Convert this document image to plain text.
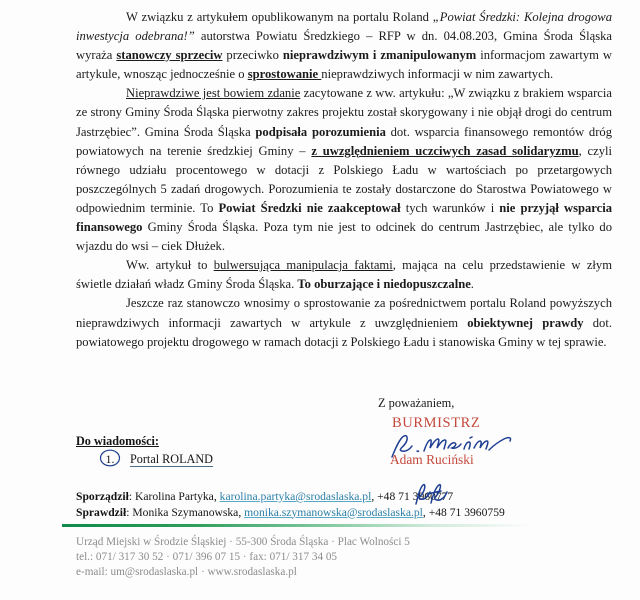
W związku z artykułem opublikowanym na portalu Roland „Powiat Średzki: Kolejna drogowa inwestycja odebrana!” autorstwa Powiatu Średzkiego – RFP w dn. 04.08.203, Gmina Środa Śląska wyraża stanowczy sprzeciw przeciwko nieprawdziwym i zmanipulowanym informacjom zawartym w artykule, wnosząc jednocześnie o sprostowanie nieprawdziwych informacji w nim zawartych.

Nieprawdziwe jest bowiem zdanie zacytowane z ww. artykułu: „W związku z brakiem wsparcia ze strony Gminy Środa Śląska pierwotny zakres projektu został skorygowany i nie objął drogi do centrum Jastrzębiec”. Gmina Środa Śląska podpisała porozumienia dot. wsparcia finansowego remontów dróg powiatowych na terenie średzkiej Gminy – z uwzględnieniem uczciwych zasad solidaryzmu, czyli równego udziału procentowego w dotacji z Polskiego Ładu w wartościach po przetargowych poszczególnych 5 zadań drogowych. Porozumienia te zostały dostarczone do Starostwa Powiatowego w odpowiednim terminie. To Powiat Średzki nie zaakceptował tych warunków i nie przyjął wsparcia finansowego Gminy Środa Śląska. Poza tym nie jest to odcinek do centrum Jastrzębiec, ale tylko do wjazdu do wsi – ciek Dłużek.

Ww. artykuł to bulwersująca manipulacja faktami, mająca na celu przedstawienie w złym świetle działań władz Gminy Środa Śląska. To oburzające i niedopuszczalne.

Jeszcze raz stanowczo wnosimy o sprostowanie za pośrednictwem portalu Roland powyższych nieprawdziwych informacji zawartych w artykule z uwzględnieniem obiektywnej prawdy dot. powiatowego projektu drogowego w ramach dotacji z Polskiego Ładu i stanowiska Gminy w tej sprawie.

Z poważaniem,
BURMISTRZ
Adam Ruciński
Do wiadomości:
1.	Portal ROLAND
Sporządził: Karolina Partyka, karolina.partyka@srodaslaska.pl, +48 71 3960777
Sprawdził: Monika Szymanowska, monika.szymanowska@srodaslaska.pl, +48 71 3960759
Urząd Miejski w Środzie Śląskiej · 55-300 Środa Śląska · Plac Wolności 5
tel.: 071/ 317 30 52 · 071/ 396 07 15 · fax: 071/ 317 34 05
e-mail: um@srodaslaska.pl · www.srodaslaska.pl
